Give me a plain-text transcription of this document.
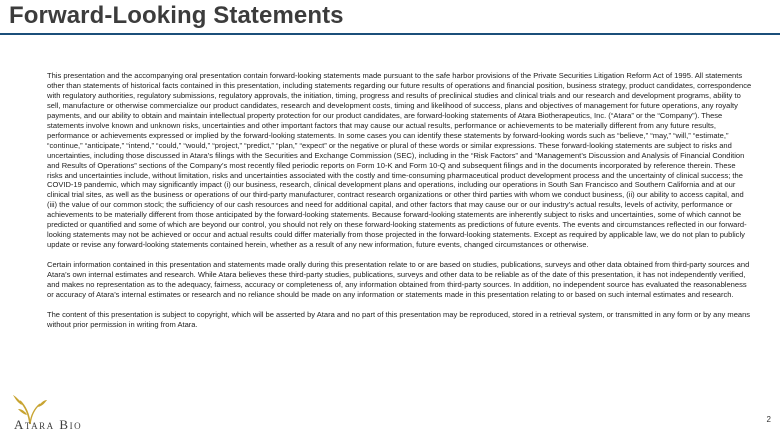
Forward-Looking Statements

This presentation and the accompanying oral presentation contain forward-looking statements made pursuant to the safe harbor provisions of the Private Securities Litigation Reform Act of 1995. All statements other than statements of historical facts contained in this presentation, including statements regarding our future results of operations and financial position, business strategy, product candidates, correspondence with regulatory authorities, regulatory submissions, regulatory approvals, the initiation, timing, progress and results of preclinical studies and clinical trials and our research and development programs, ability to sell, manufacture or otherwise commercialize our product candidates, research and development costs, timing and likelihood of success, plans and objectives of management for future operations, any royalty payments, and our ability to obtain and maintain intellectual property protection for our product candidates, are forward-looking statements of Atara Biotherapeutics, Inc. (“Atara” or the “Company”). These statements involve known and unknown risks, uncertainties and other important factors that may cause our actual results, performance or achievements to be materially different from any future results, performance or achievements expressed or implied by the forward-looking statements. In some cases you can identify these statements by forward-looking words such as “believe,” “may,” “will,” “estimate,” “continue,” “anticipate,” “intend,” “could,” “would,” “project,” “predict,” “plan,” “expect” or the negative or plural of these words or similar expressions. These forward-looking statements are subject to risks and uncertainties, including those discussed in Atara’s filings with the Securities and Exchange Commission (SEC), including in the “Risk Factors” and “Management’s Discussion and Analysis of Financial Condition and Results of Operations” sections of the Company’s most recently filed periodic reports on Form 10-K and Form 10-Q and subsequent filings and in the documents incorporated by reference therein. These risks and uncertainties include, without limitation, risks and uncertainties associated with the costly and time-consuming pharmaceutical product development process and the uncertainty of clinical success; the COVID-19 pandemic, which may significantly impact (i) our business, research, clinical development plans and operations, including our operations in South San Francisco and Southern California and at our clinical trial sites, as well as the business or operations of our third-party manufacturer, contract research organizations or other third parties with whom we conduct business, (ii) our ability to access capital, and (iii) the value of our common stock; the sufficiency of our cash resources and need for additional capital, and other factors that may cause our or our industry’s actual results, levels of activity, performance or achievements to be materially different from those anticipated by the forward-looking statements. Because forward-looking statements are inherently subject to risks and uncertainties, some of which cannot be predicted or quantified and some of which are beyond our control, you should not rely on these forward-looking statements as predictions of future events. The events and circumstances reflected in our forward-looking statements may not be achieved or occur and actual results could differ materially from those projected in the forward-looking statements. Except as required by applicable law, we do not plan to publicly update or revise any forward-looking statements contained herein, whether as a result of any new information, future events, changed circumstances or otherwise.

Certain information contained in this presentation and statements made orally during this presentation relate to or are based on studies, publications, surveys and other data obtained from third-party sources and Atara’s own internal estimates and research. While Atara believes these third-party studies, publications, surveys and other data to be reliable as of the date of this presentation, it has not independently verified, and makes no representation as to the adequacy, fairness, accuracy or completeness of, any information obtained from third-party sources. In addition, no independent source has evaluated the reasonableness or accuracy of Atara’s internal estimates or research and no reliance should be made on any information or statements made in this presentation relating to or based on such internal estimates and research.

The content of this presentation is subject to copyright, which will be asserted by Atara and no part of this presentation may be reproduced, stored in a retrieval system, or transmitted in any form or by any means without prior permission in writing from Atara.

Atara Bio	2
